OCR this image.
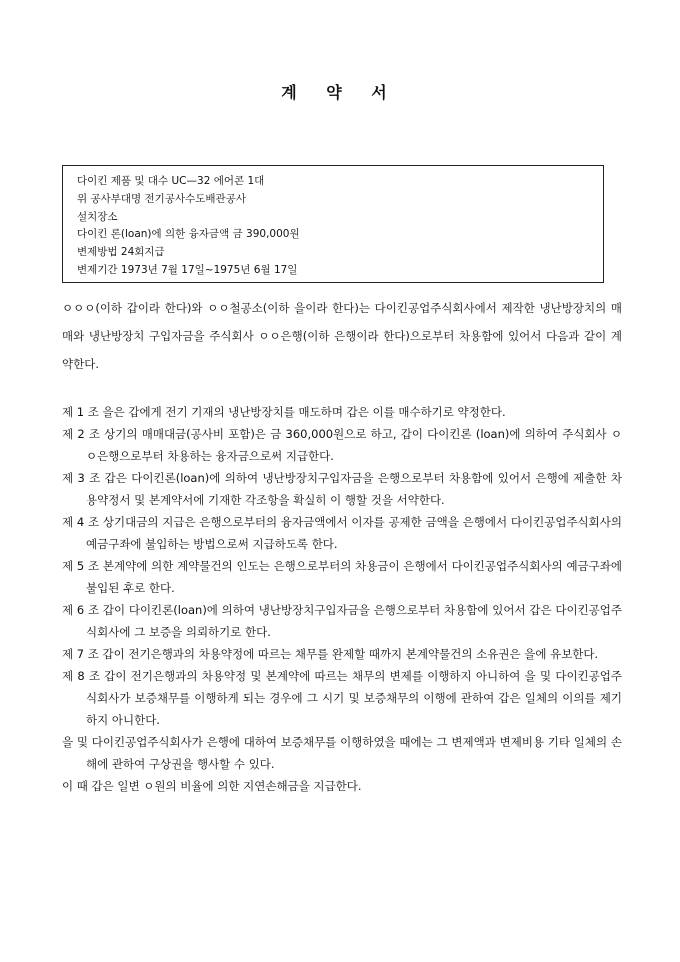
계 약 서
다이킨 제품 및 대수 UC—32 에어콘 1대
위 공사부대명 전기공사수도배관공사
설치장소
다이킨 론(loan)에 의한 융자금액 금 390,000원
변제방법 24회지급
변제기간 1973년 7월 17일~1975년 6월 17일

ㅇㅇㅇ(이하 갑이라 한다)와 ㅇㅇ철공소(이하 을이라 한다)는 다이킨공업주식회사에서 제작한 냉난방장치의 매매와 냉난방장치 구입자금을 주식회사 ㅇㅇ은행(이하 은행이라 한다)으로부터 차용함에 있어서 다음과 같이 계약한다.

제 1 조 을은 갑에게 전기 기재의 냉난방장치를 매도하며 갑은 이를 매수하기로 약정한다.
제 2 조 상기의 매매대금(공사비 포함)은 금 360,000원으로 하고, 갑이 다이킨론 (loan)에 의하여 주식회사 ㅇㅇ은행으로부터 차용하는 융자금으로써 지급한다.
제 3 조 갑은 다이킨론(loan)에 의하여 냉난방장치구입자금을 은행으로부터 차용함에 있어서 은행에 제출한 차용약정서 및 본계약서에 기재한 각조항을 확실히 이 행할 것을 서약한다.
제 4 조 상기대금의 지급은 은행으로부터의 융자금액에서 이자를 공제한 금액을 은행에서 다이킨공업주식회사의 예금구좌에 불입하는 방법으로써 지급하도록 한다.
제 5 조 본계약에 의한 계약물건의 인도는 은행으로부터의 차용금이 은행에서 다이킨공업주식회사의 예금구좌에 불입된 후로 한다.
제 6 조 갑이 다이킨론(loan)에 의하여 냉난방장치구입자금을 은행으로부터 차용함에 있어서 갑은 다이킨공업주식회사에 그 보증을 의뢰하기로 한다.
제 7 조 갑이 전기은행과의 차용약정에 따르는 채무를 완제할 때까지 본계약물건의 소유권은 을에 유보한다.
제 8 조 갑이 전기은행과의 차용약정 및 본계약에 따르는 채무의 변제를 이행하지 아니하여 을 및 다이킨공업주식회사가 보증채무를 이행하게 되는 경우에 그 시기 및 보증채무의 이행에 관하여 갑은 일체의 이의를 제기하지 아니한다.
을 및 다이킨공업주식회사가 은행에 대하여 보증채무를 이행하였을 때에는 그 변제액과 변제비용 기타 일체의 손해에 관하여 구상권을 행사할 수 있다.
이 때 갑은 일변 ㅇ원의 비율에 의한 지연손해금을 지급한다.
